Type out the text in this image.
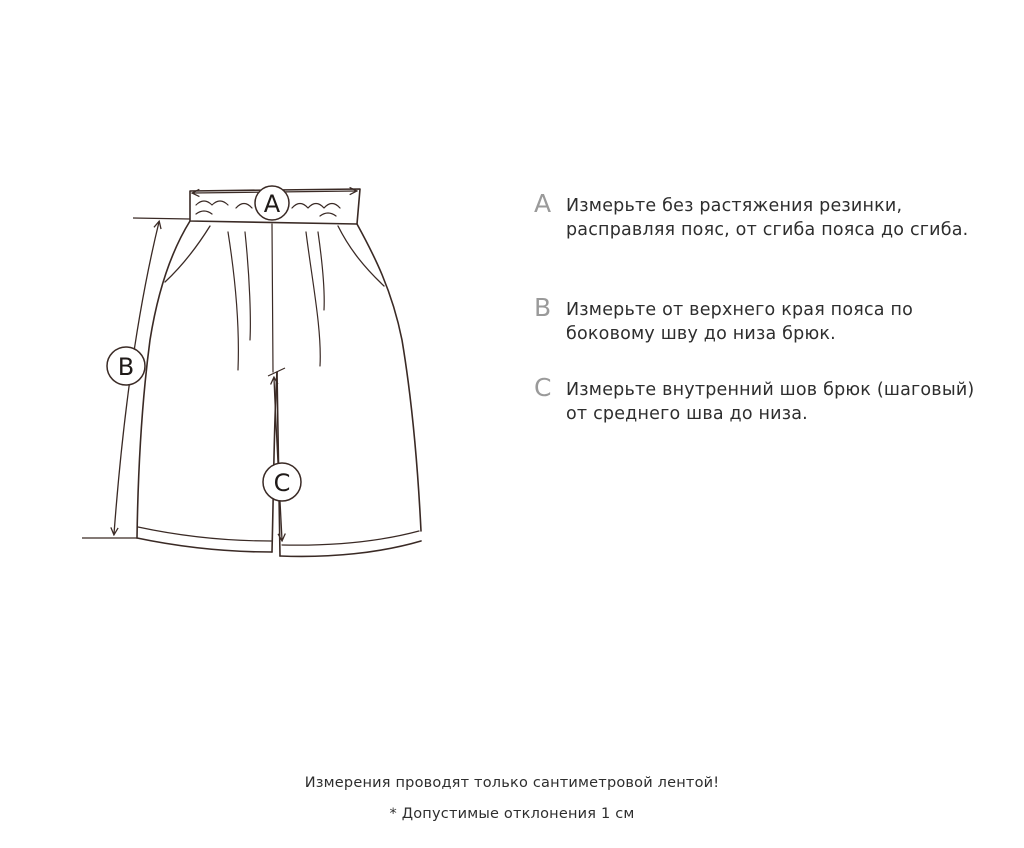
A
B
C
A Измерьте без растяжения резинки, расправляя пояс, от сгиба пояса до сгиба.
B Измерьте от верхнего края пояса по боковому шву до низа брюк.
C Измерьте внутренний шов брюк (шаговый) от среднего шва до низа.
Измерения проводят только сантиметровой лентой!
* Допустимые отклонения 1 см
